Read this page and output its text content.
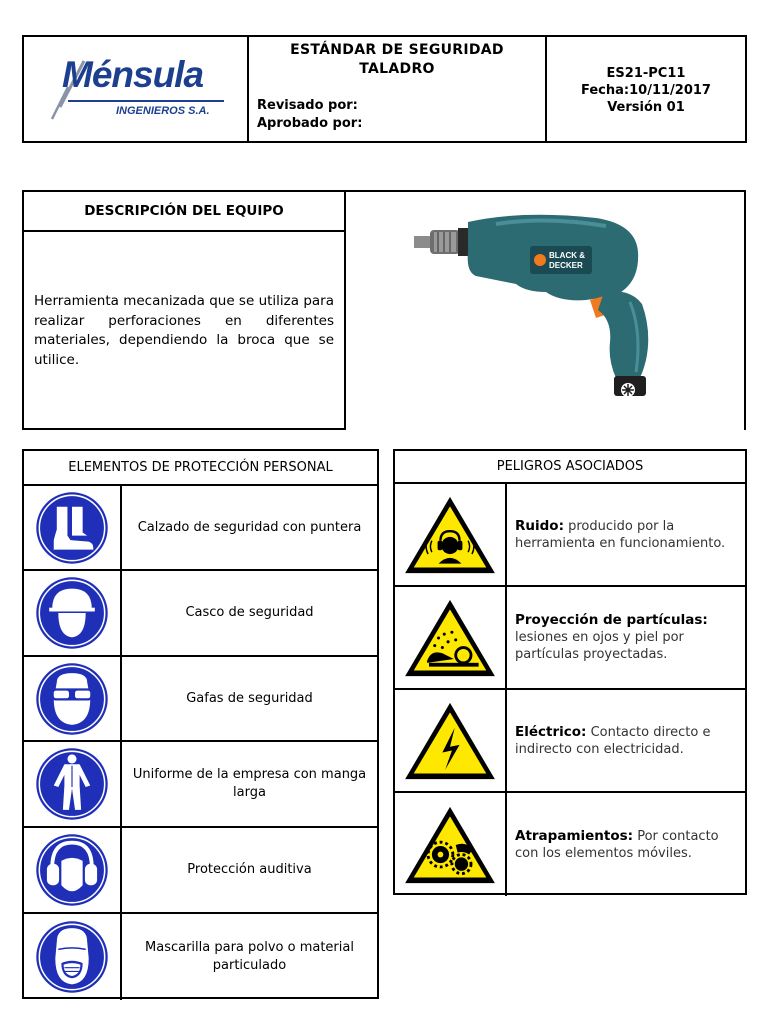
Ménsula
INGENIEROS S.A.
ESTÁNDAR DE SEGURIDAD
TALADRO
Revisado por:
Aprobado por:
ES21-PC11
Fecha:10/11/2017
Versión 01
DESCRIPCIÓN DEL EQUIPO
Herramienta mecanizada que se utiliza para realizar perforaciones en diferentes materiales, dependiendo la broca que se utilice.
BLACK &
DECKER
ELEMENTOS DE PROTECCIÓN PERSONAL
Calzado de seguridad con puntera
Casco de seguridad
Gafas de seguridad
Uniforme de la empresa con manga larga
Protección auditiva
Mascarilla para polvo o material particulado
PELIGROS ASOCIADOS
Ruido: producido por la herramienta en funcionamiento.
Proyección de partículas: lesiones en ojos y piel por partículas proyectadas.
Eléctrico: Contacto directo e indirecto con electricidad.
Atrapamientos: Por contacto con los elementos móviles.
